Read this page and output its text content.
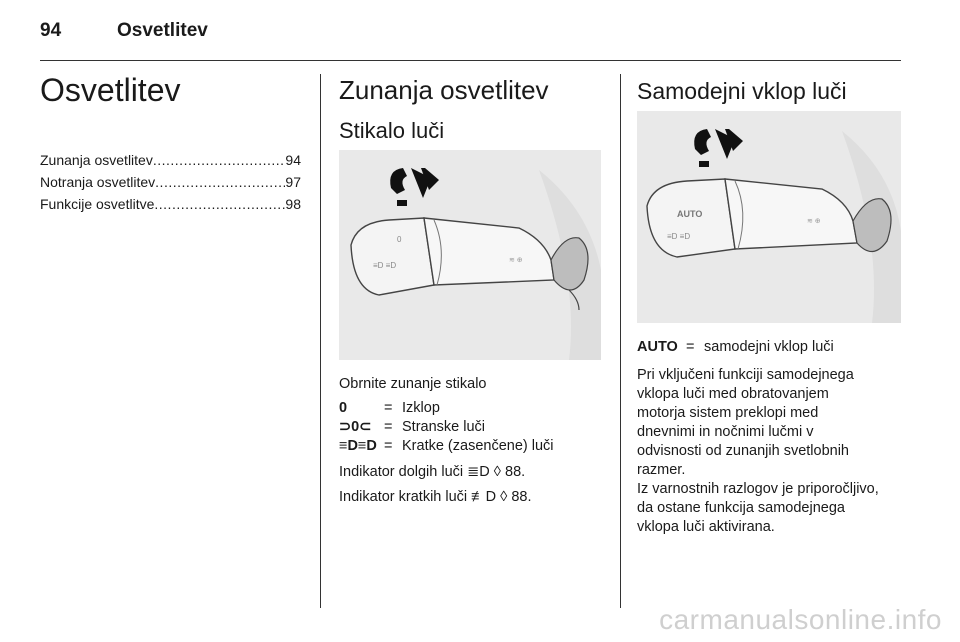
94	Osvetlitev
Osvetlitev
Zunanja osvetlitev .....	94
Notranja osvetlitev .....	97
Funkcije osvetlitve .....	98
Zunanja osvetlitev
Stikalo luči
0
≡D ≡D
≋ ⊕
Obrnite zunanje stikalo
0	= Izklop
⊃0⊂ = Stranske luči
≡D≡D = Kratke (zasenčene) luči
Indikator dolgih luči ≣D ◊ 88.
Indikator kratkih luči ≢D ◊ 88.
Samodejni vklop luči
AUTO
≡D ≡D
≋ ⊕
AUTO = samodejni vklop luči
Pri vključeni funkciji samodejnega
vklopa luči med obratovanjem
motorja sistem preklopi med
dnevnimi in nočnimi lučmi v
odvisnosti od zunanjih svetlobnih
razmer.
Iz varnostnih razlogov je priporočljivo,
da ostane funkcija samodejnega
vklopa luči aktivirana.
carmanualsonline.info
